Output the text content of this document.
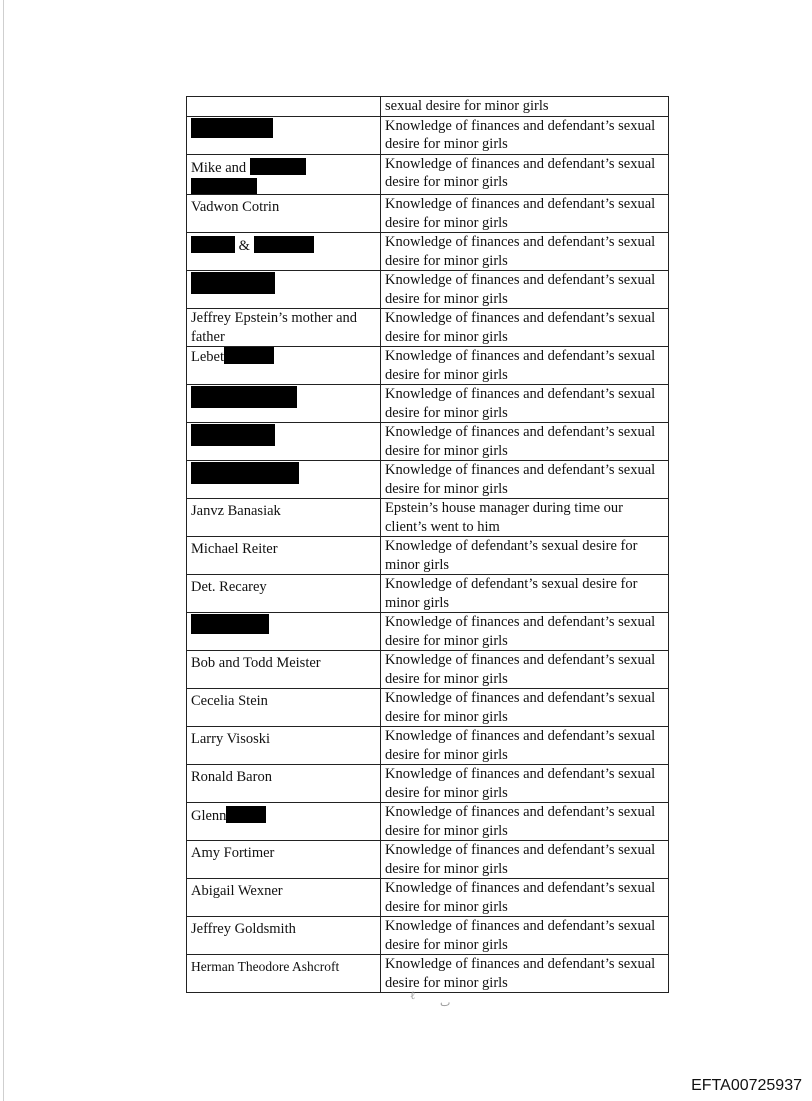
	sexual desire for minor girls

	Knowledge of finances and defendant’s sexual desire for minor girls

Mike and	Knowledge of finances and defendant’s sexual desire for minor girls

Vadwon Cotrin	Knowledge of finances and defendant’s sexual desire for minor girls

&	Knowledge of finances and defendant’s sexual desire for minor girls

	Knowledge of finances and defendant’s sexual desire for minor girls

Jeffrey Epstein’s mother and father	Knowledge of finances and defendant’s sexual desire for minor girls

Lebet	Knowledge of finances and defendant’s sexual desire for minor girls

	Knowledge of finances and defendant’s sexual desire for minor girls

	Knowledge of finances and defendant’s sexual desire for minor girls

	Knowledge of finances and defendant’s sexual desire for minor girls

Janvz Banasiak	Epstein’s house manager during time our client’s went to him

Michael Reiter	Knowledge of defendant’s sexual desire for minor girls

Det. Recarey	Knowledge of defendant’s sexual desire for minor girls

	Knowledge of finances and defendant’s sexual desire for minor girls

Bob and Todd Meister	Knowledge of finances and defendant’s sexual desire for minor girls

Cecelia Stein	Knowledge of finances and defendant’s sexual desire for minor girls

Larry Visoski	Knowledge of finances and defendant’s sexual desire for minor girls

Ronald Baron	Knowledge of finances and defendant’s sexual desire for minor girls

Glenn	Knowledge of finances and defendant’s sexual desire for minor girls

Amy Fortimer	Knowledge of finances and defendant’s sexual desire for minor girls

Abigail Wexner	Knowledge of finances and defendant’s sexual desire for minor girls

Jeffrey Goldsmith	Knowledge of finances and defendant’s sexual desire for minor girls

Herman Theodore Ashcroft	Knowledge of finances and defendant’s sexual desire for minor girls
ℓ
ٮ
EFTA00725937
